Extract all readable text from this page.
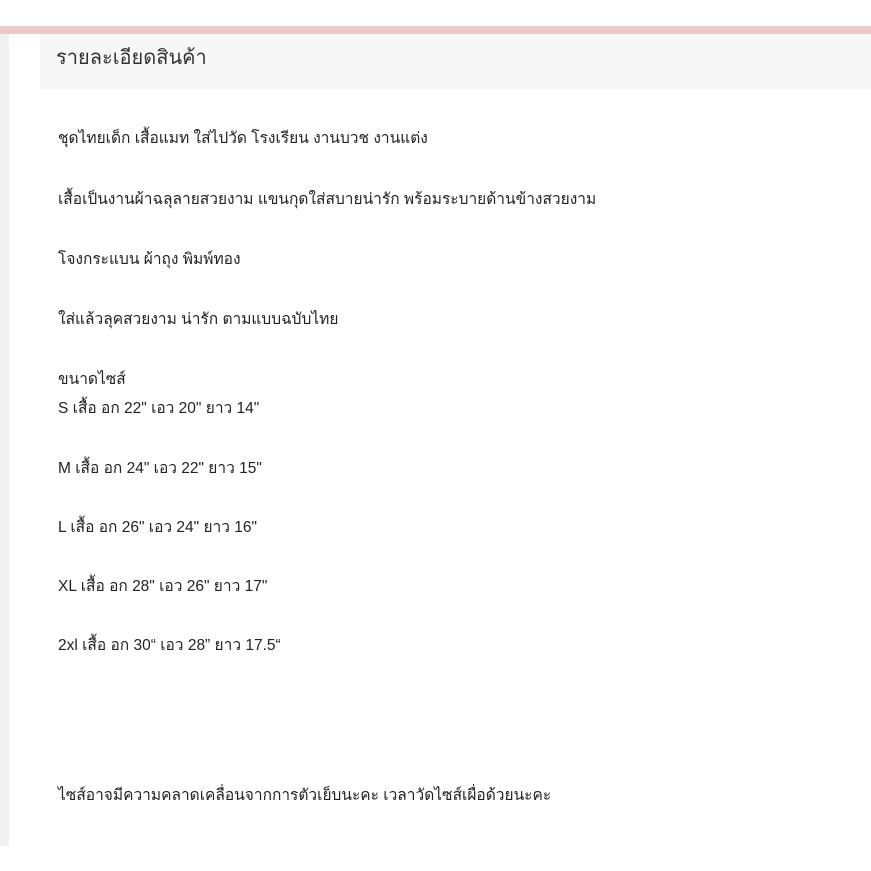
รายละเอียดสินค้า
ชุดไทยเด็ก เสื้อแมท ใส่ไปวัด โรงเรียน งานบวช งานแต่ง
เสื้อเป็นงานผ้าฉลุลายสวยงาม แขนกุดใส่สบายน่ารัก พร้อมระบายด้านข้างสวยงาม
โจงกระแบน ผ้าถุง พิมพ์ทอง
ใส่แล้วลุคสวยงาม น่ารัก ตามแบบฉบับไทย
ขนาดไซส์
S เสื้อ อก 22" เอว 20" ยาว 14"
M เสื้อ อก 24" เอว 22" ยาว 15"
L เสื้อ อก 26" เอว 24" ยาว 16"
XL เสื้อ อก 28" เอว 26" ยาว 17"
2xl เสื้อ อก 30“ เอว 28” ยาว 17.5“
ไซส์อาจมีความคลาดเคลื่อนจากการตัวเย็บนะคะ เวลาวัดไซส์เผื่อด้วยนะคะ
